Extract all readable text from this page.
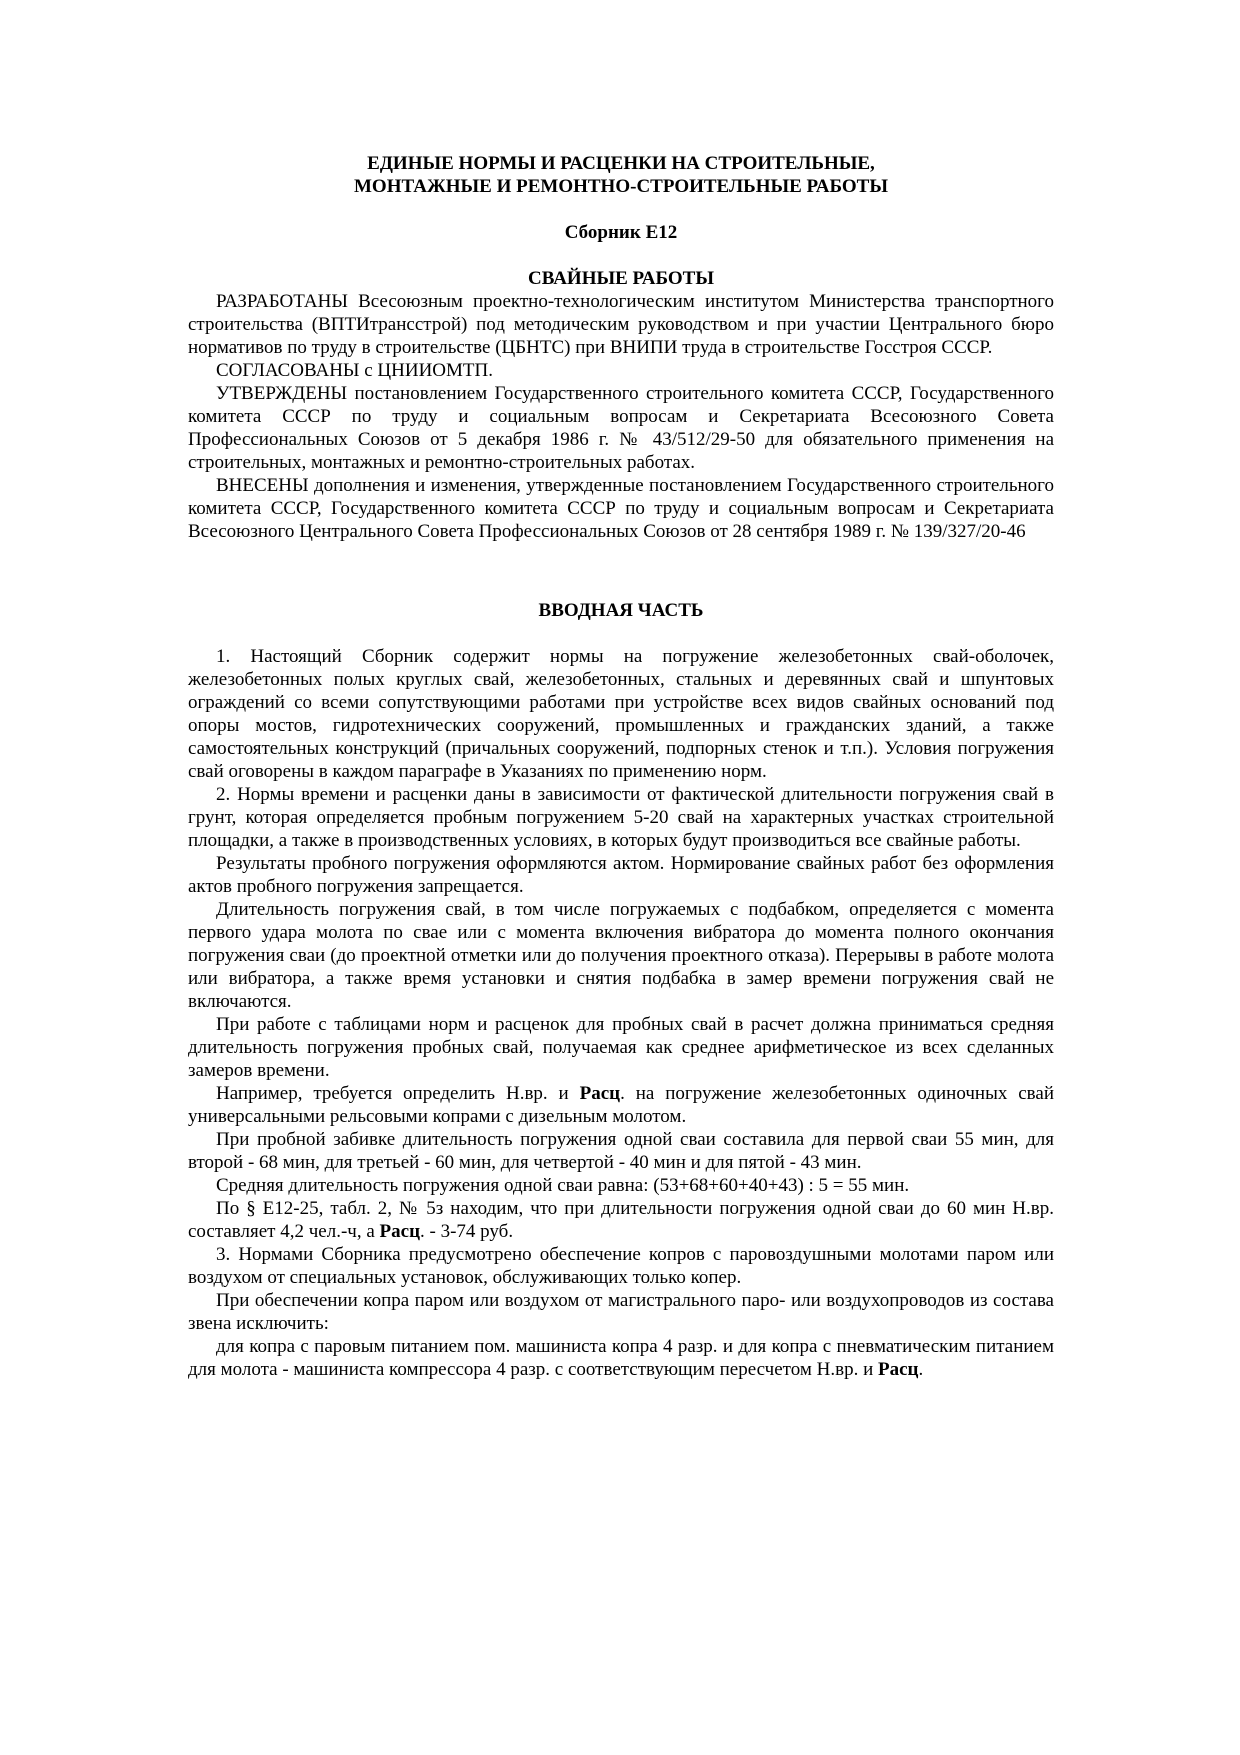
ЕДИНЫЕ НОРМЫ И РАСЦЕНКИ НА СТРОИТЕЛЬНЫЕ,

МОНТАЖНЫЕ И РЕМОНТНО-СТРОИТЕЛЬНЫЕ РАБОТЫ

Сборник Е12

СВАЙНЫЕ РАБОТЫ

РАЗРАБОТАНЫ Всесоюзным проектно-технологическим институтом Министерства транспортного строительства (ВПТИтрансстрой) под методическим руководством и при участии Центрального бюро нормативов по труду в строительстве (ЦБНТС) при ВНИПИ труда в строительстве Госстроя СССР.

СОГЛАСОВАНЫ с ЦНИИОМТП.

УТВЕРЖДЕНЫ постановлением Государственного строительного комитета СССР, Государственного комитета СССР по труду и социальным вопросам и Секретариата Всесоюзного Совета Профессиональных Союзов от 5 декабря 1986 г. № 43/512/29-50 для обязательного применения на строительных, монтажных и ремонтно-строительных работах.

ВНЕСЕНЫ дополнения и изменения, утвержденные постановлением Государственного строительного комитета СССР, Государственного комитета СССР по труду и социальным вопросам и Секретариата Всесоюзного Центрального Совета Профессиональных Союзов от 28 сентября 1989 г. № 139/327/20-46

ВВОДНАЯ ЧАСТЬ

1. Настоящий Сборник содержит нормы на погружение железобетонных свай-оболочек, железобетонных полых круглых свай, железобетонных, стальных и деревянных свай и шпунтовых ограждений со всеми сопутствующими работами при устройстве всех видов свайных оснований под опоры мостов, гидротехнических сооружений, промышленных и гражданских зданий, а также самостоятельных конструкций (причальных сооружений, подпорных стенок и т.п.). Условия погружения свай оговорены в каждом параграфе в Указаниях по применению норм.

2. Нормы времени и расценки даны в зависимости от фактической длительности погружения свай в грунт, которая определяется пробным погружением 5-20 свай на характерных участках строительной площадки, а также в производственных условиях, в которых будут производиться все свайные работы.

Результаты пробного погружения оформляются актом. Нормирование свайных работ без оформления актов пробного погружения запрещается.

Длительность погружения свай, в том числе погружаемых с подбабком, определяется с момента первого удара молота по свае или с момента включения вибратора до момента полного окончания погружения сваи (до проектной отметки или до получения проектного отказа). Перерывы в работе молота или вибратора, а также время установки и снятия подбабка в замер времени погружения свай не включаются.

При работе с таблицами норм и расценок для пробных свай в расчет должна приниматься средняя длительность погружения пробных свай, получаемая как среднее арифметическое из всех сделанных замеров времени.

Например, требуется определить Н.вр. и Расц. на погружение железобетонных одиночных свай универсальными рельсовыми копрами с дизельным молотом.

При пробной забивке длительность погружения одной сваи составила для первой сваи 55 мин, для второй - 68 мин, для третьей - 60 мин, для четвертой - 40 мин и для пятой - 43 мин.

Средняя длительность погружения одной сваи равна: (53+68+60+40+43) : 5 = 55 мин.

По § Е12-25, табл. 2, № 5з находим, что при длительности погружения одной сваи до 60 мин Н.вр. составляет 4,2 чел.-ч, а Расц. - 3-74 руб.

3. Нормами Сборника предусмотрено обеспечение копров с паровоздушными молотами паром или воздухом от специальных установок, обслуживающих только копер.

При обеспечении копра паром или воздухом от магистрального паро- или воздухопроводов из состава звена исключить:

для копра с паровым питанием пом. машиниста копра 4 разр. и для копра с пневматическим питанием для молота - машиниста компрессора 4 разр. с соответствующим пересчетом Н.вр. и Расц.
